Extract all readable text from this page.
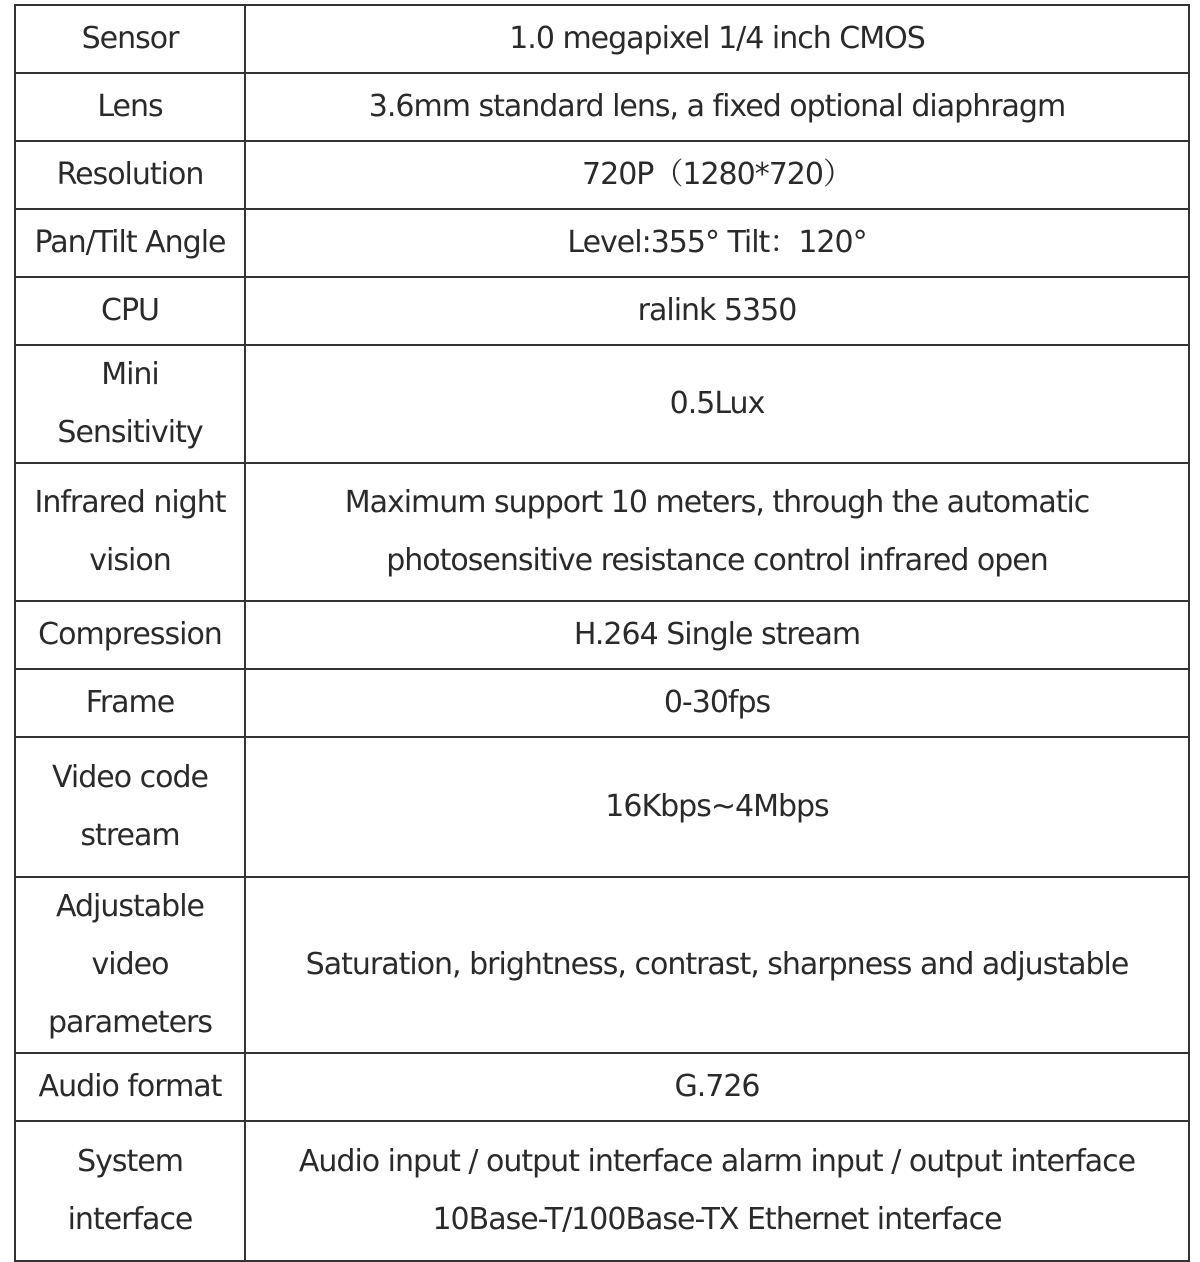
Sensor	1.0 megapixel 1/4 inch CMOS
Lens	3.6mm standard lens, a fixed optional diaphragm
Resolution	720P（1280*720）
Pan/Tilt Angle	Level:355° Tilt：120°
CPU	ralink 5350
Mini Sensitivity	0.5Lux
Infrared night vision	Maximum support 10 meters, through the automatic photosensitive resistance control infrared open
Compression	H.264 Single stream
Frame	0-30fps
Video code stream	16Kbps~4Mbps
Adjustable video parameters	Saturation, brightness, contrast, sharpness and adjustable
Audio format	G.726
System interface	Audio input / output interface alarm input / output interface 10Base-T/100Base-TX Ethernet interface
